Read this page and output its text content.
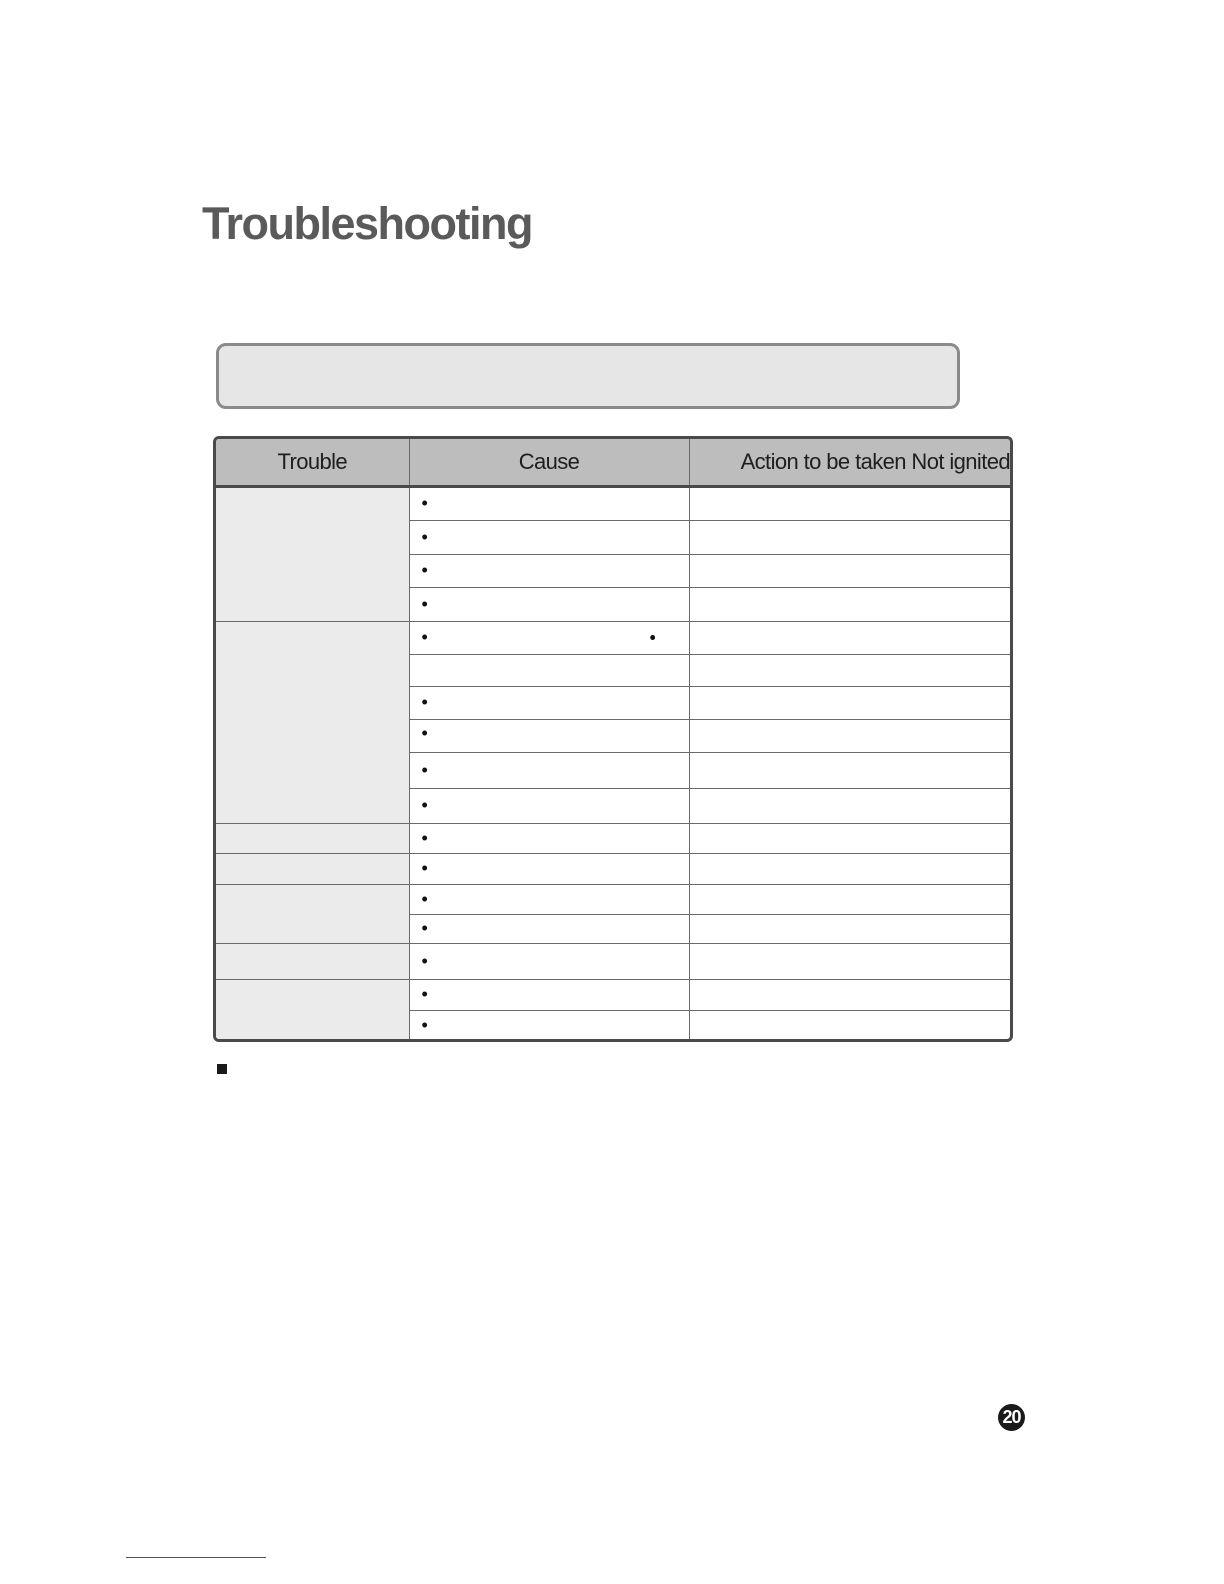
Troubleshooting
Trouble	Cause	Action to be taken Not ignited
	•	
	•	
	•	
	•	
	• •	

	•	
	•	
	•	
	•	
	•	
	•	
	•	
	•	
	•	
	•	
	•	
20
